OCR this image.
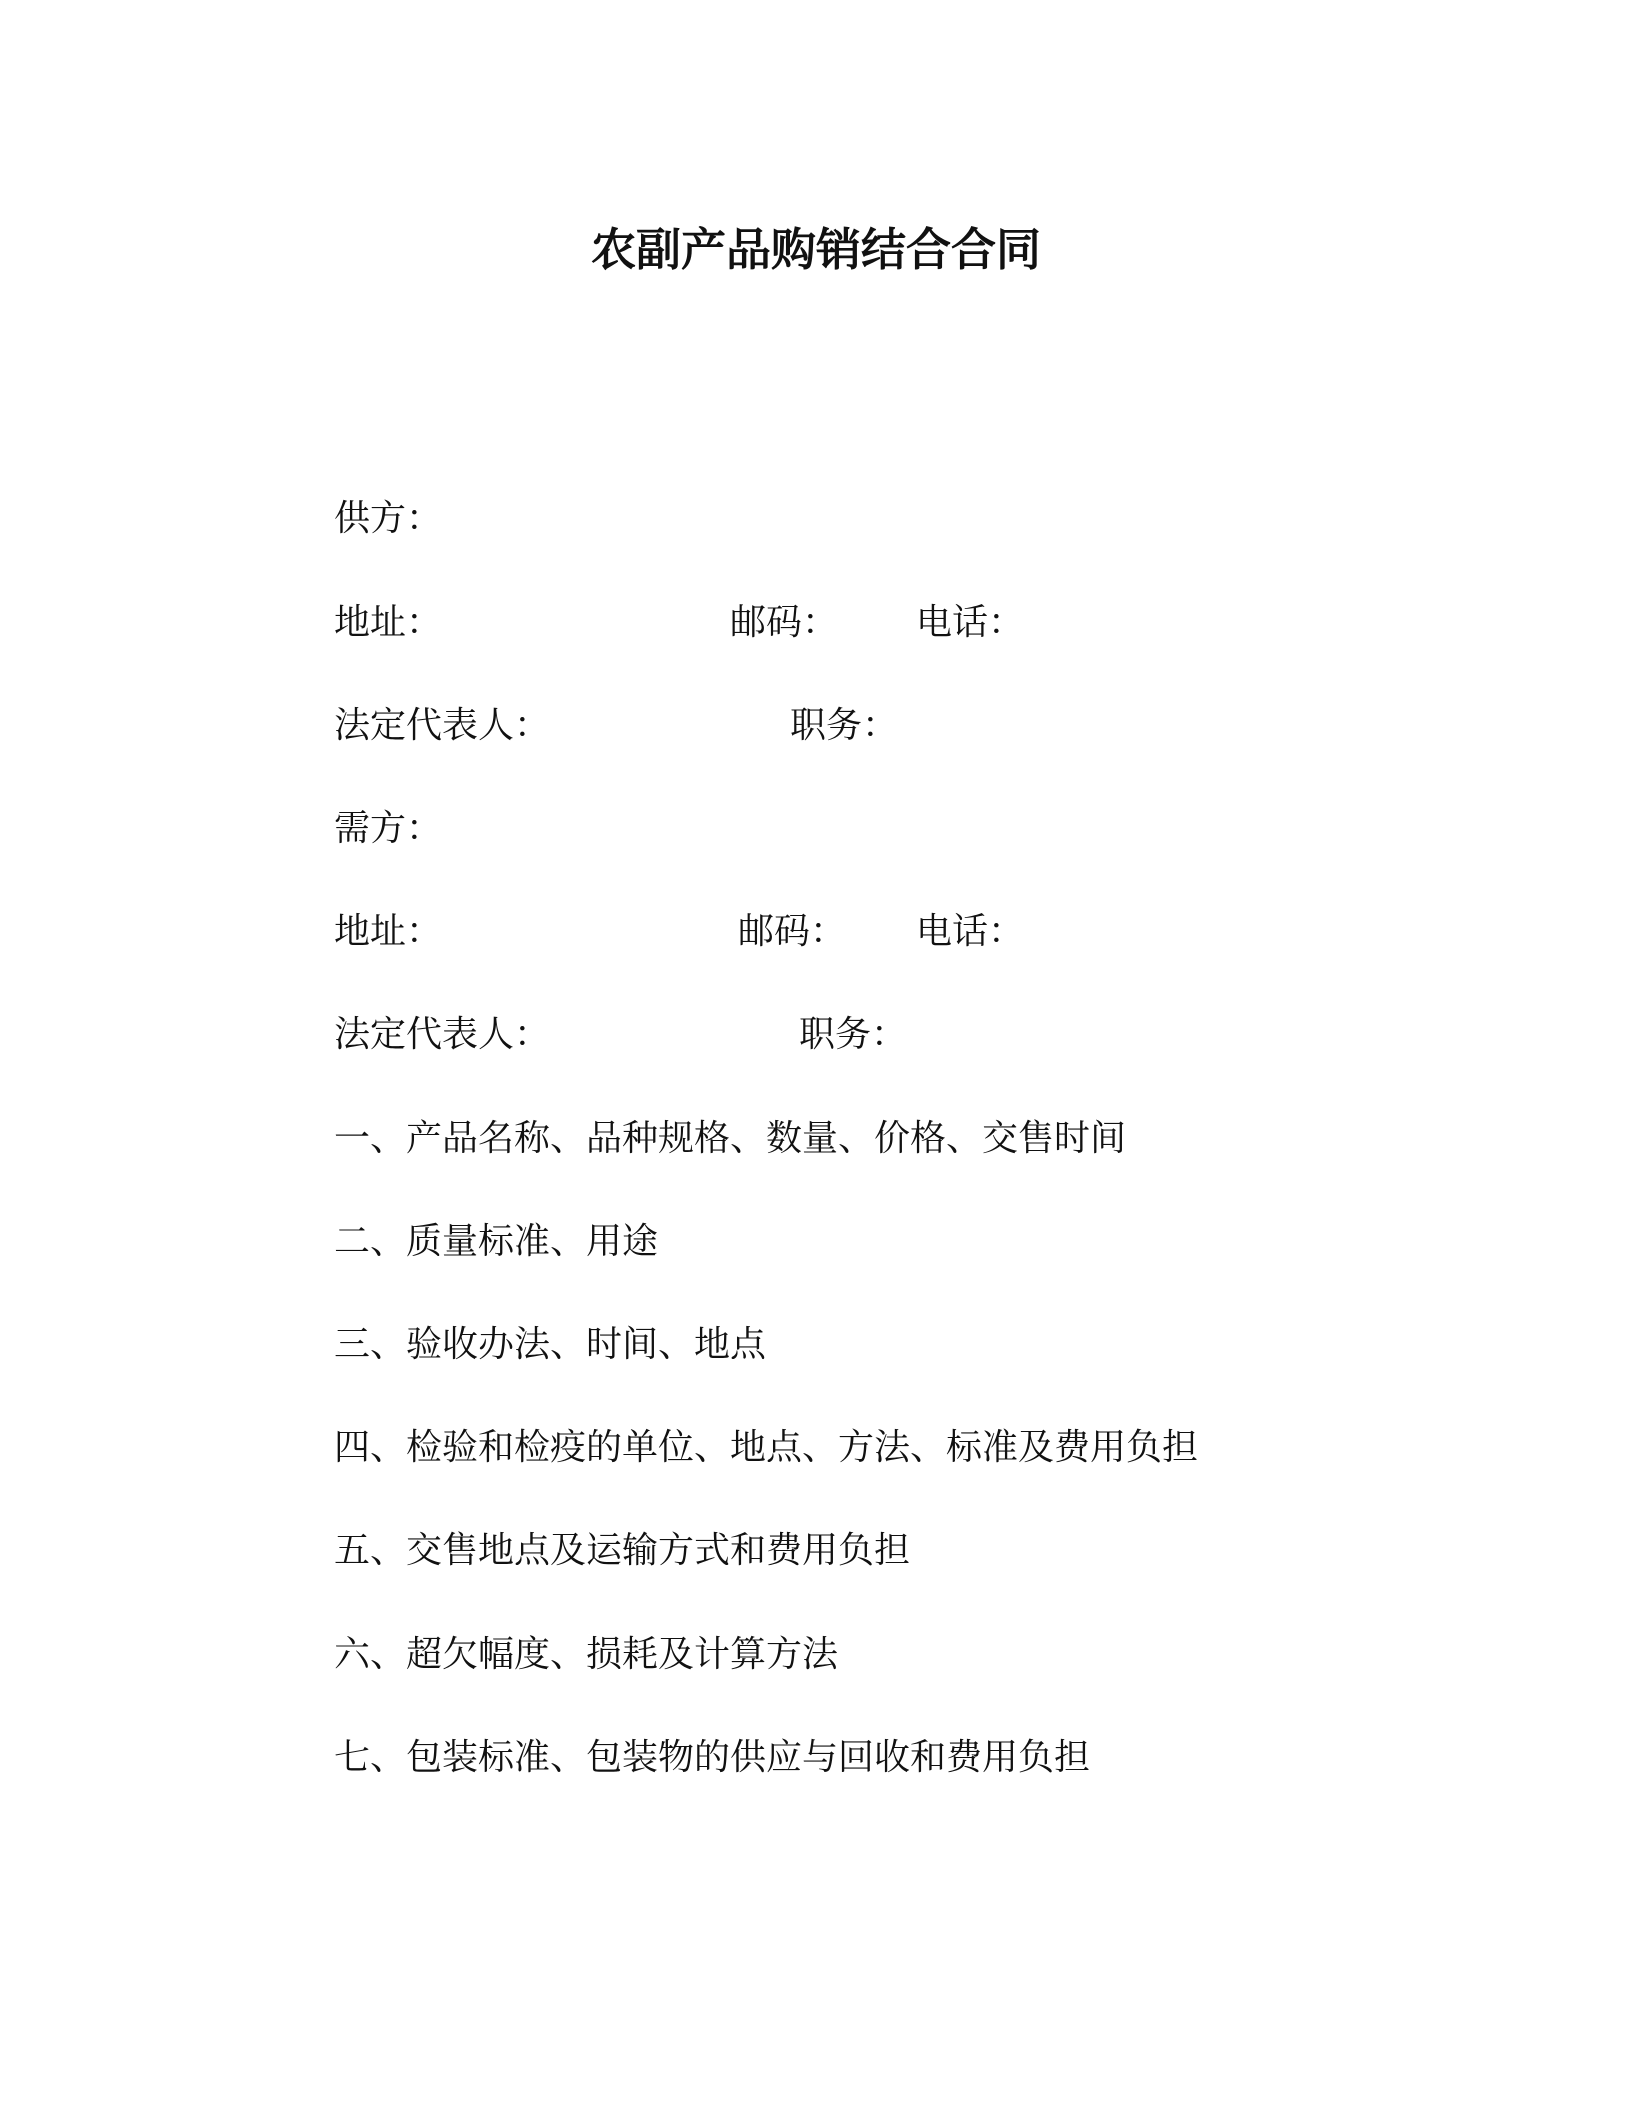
农副产品购销结合合同
供方：
地址：	邮码： 电话：
法定代表人：	职务：
需方：
地址：	邮码： 电话：
法定代表人：	职务：
一、产品名称、品种规格、数量、价格、交售时间
二、质量标准、用途
三、验收办法、时间、地点
四、检验和检疫的单位、地点、方法、标准及费用负担
五、交售地点及运输方式和费用负担
六、超欠幅度、损耗及计算方法
七、包装标准、包装物的供应与回收和费用负担
